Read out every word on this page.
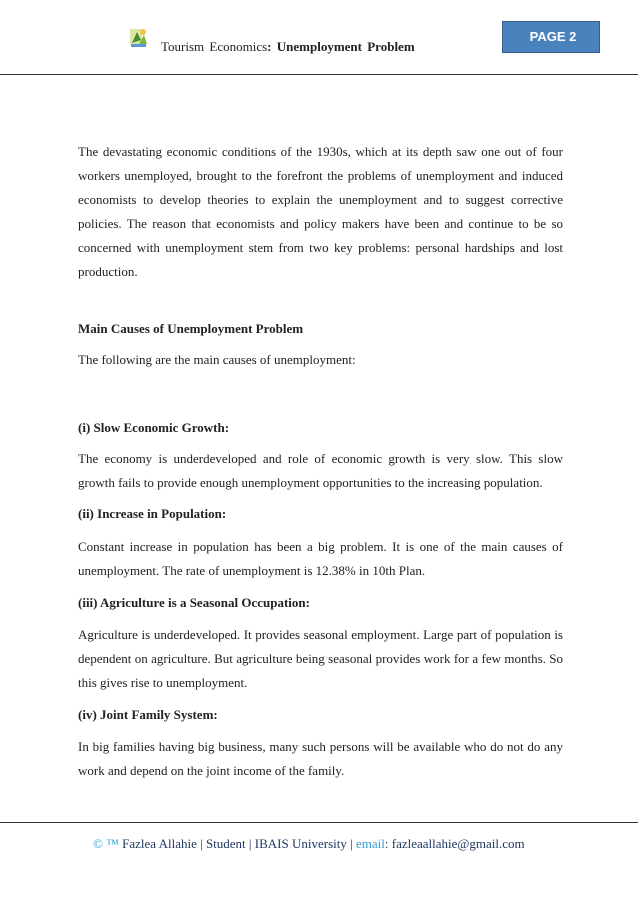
Tourism Economics: Unemployment Problem
PAGE 2

The devastating economic conditions of the 1930s, which at its depth saw one out of four workers unemployed, brought to the forefront the problems of unemployment and induced economists to develop theories to explain the unemployment and to suggest corrective policies. The reason that economists and policy makers have been and continue to be so concerned with unemployment stem from two key problems: personal hardships and lost production.

Main Causes of Unemployment Problem

The following are the main causes of unemployment:

(i) Slow Economic Growth:

The economy is underdeveloped and role of economic growth is very slow. This slow growth fails to provide enough unemployment opportunities to the increasing population.

(ii) Increase in Population:

Constant increase in population has been a big problem. It is one of the main causes of unemployment. The rate of unemployment is 12.38% in 10th Plan.

(iii) Agriculture is a Seasonal Occupation:

Agriculture is underdeveloped. It provides seasonal employment. Large part of population is dependent on agriculture. But agriculture being seasonal provides work for a few months. So this gives rise to unemployment.

(iv) Joint Family System:

In big families having big business, many such persons will be available who do not do any work and depend on the joint income of the family.

© ™ Fazlea Allahie | Student | IBAIS University | email: fazleaallahie@gmail.com
